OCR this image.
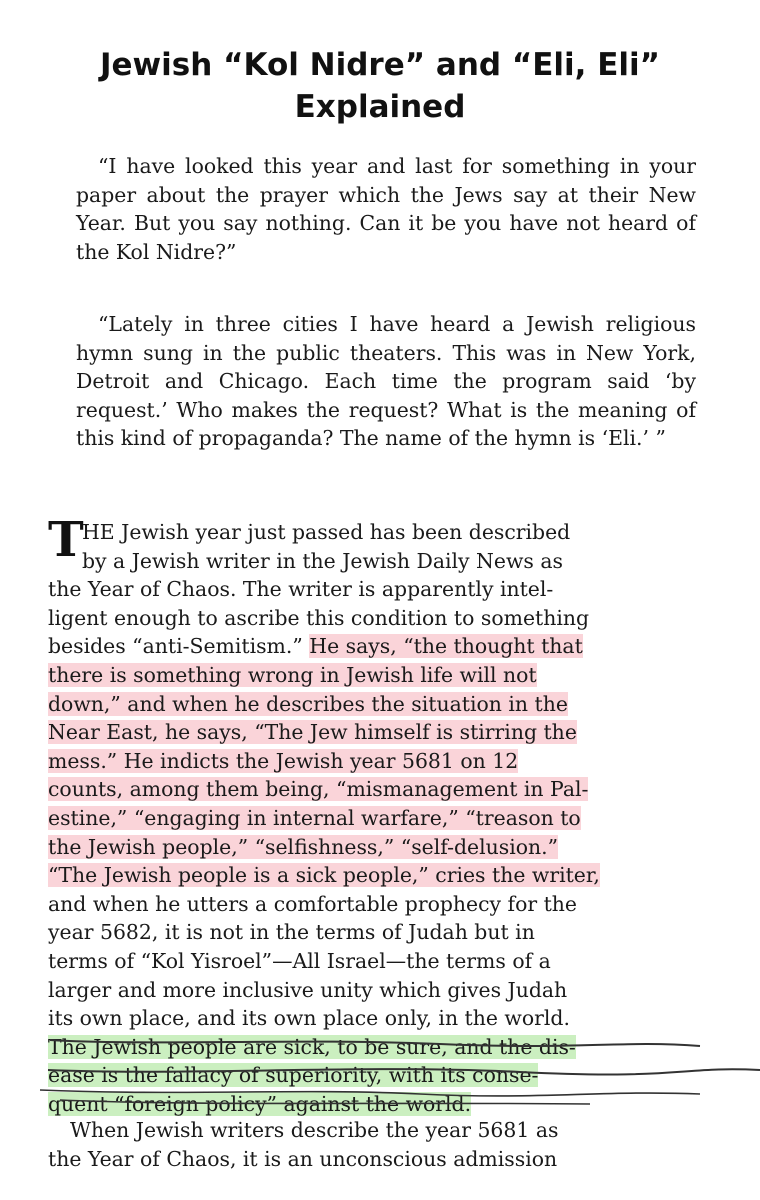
Jewish “Kol Nidre” and “Eli, Eli”
Explained

“I have looked this year and last for something in your paper about the prayer which the Jews say at their New Year. But you say nothing. Can it be you have not heard of the Kol Nidre?”

“Lately in three cities I have heard a Jewish religious hymn sung in the public theaters. This was in New York, Detroit and Chicago. Each time the program said ‘by request.’ Who makes the request? What is the meaning of this kind of propaganda? The name of the hymn is ‘Eli.’ ”

T
HE Jewish year just passed has been described
by a Jewish writer in the Jewish Daily News as
the Year of Chaos. The writer is apparently intel-
ligent enough to ascribe this condition to something
besides “anti-Semitism.” He says, “the thought that
there is something wrong in Jewish life will not
down,” and when he describes the situation in the
Near East, he says, “The Jew himself is stirring the
mess.” He indicts the Jewish year 5681 on 12
counts, among them being, “mismanagement in Pal-
estine,” “engaging in internal warfare,” “treason to
the Jewish people,” “selfishness,” “self-delusion.”
“The Jewish people is a sick people,” cries the writer,
and when he utters a comfortable prophecy for the
year 5682, it is not in the terms of Judah but in
terms of “Kol Yisroel”—All Israel—the terms of a
larger and more inclusive unity which gives Judah
its own place, and its own place only, in the world.
The Jewish people are sick, to be sure, and the dis-
ease is the fallacy of superiority, with its conse-
quent “foreign policy” against the world.
When Jewish writers describe the year 5681 as
the Year of Chaos, it is an unconscious admission
